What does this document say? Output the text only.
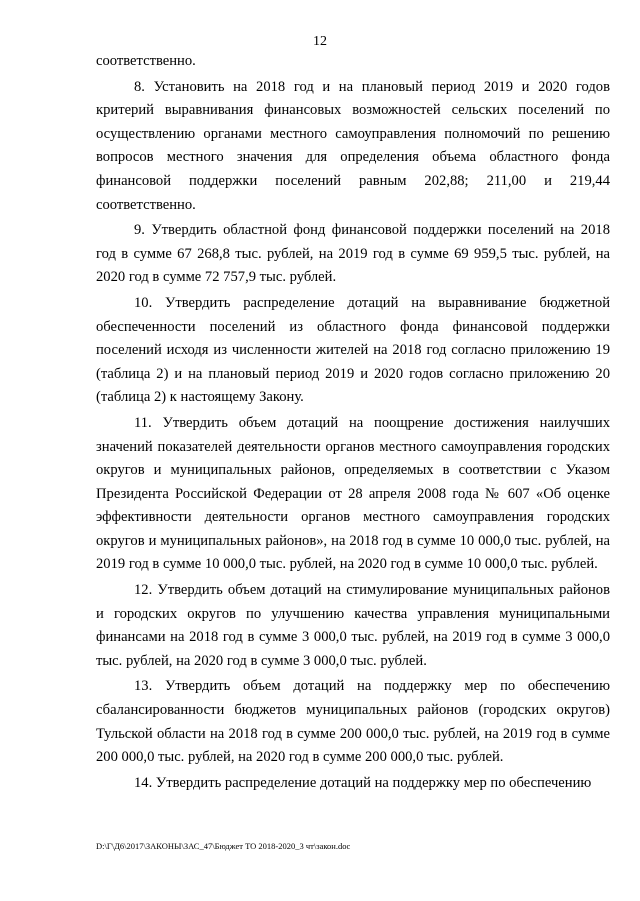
12

соответственно.

8. Установить на 2018 год и на плановый период 2019 и 2020 годов критерий выравнивания финансовых возможностей сельских поселений по осуществлению органами местного самоуправления полномочий по решению вопросов местного значения для определения объема областного фонда финансовой поддержки поселений равным 202,88; 211,00 и 219,44 соответственно.

9. Утвердить областной фонд финансовой поддержки поселений на 2018 год в сумме 67 268,8 тыс. рублей, на 2019 год в сумме 69 959,5 тыс. рублей, на 2020 год в сумме 72 757,9 тыс. рублей.

10. Утвердить распределение дотаций на выравнивание бюджетной обеспеченности поселений из областного фонда финансовой поддержки поселений исходя из численности жителей на 2018 год согласно приложению 19 (таблица 2) и на плановый период 2019 и 2020 годов согласно приложению 20 (таблица 2) к настоящему Закону.

11. Утвердить объем дотаций на поощрение достижения наилучших значений показателей деятельности органов местного самоуправления городских округов и муниципальных районов, определяемых в соответствии с Указом Президента Российской Федерации от 28 апреля 2008 года № 607 «Об оценке эффективности деятельности органов местного самоуправления городских округов и муниципальных районов», на 2018 год в сумме 10 000,0 тыс. рублей, на 2019 год в сумме 10 000,0 тыс. рублей, на 2020 год в сумме 10 000,0 тыс. рублей.

12. Утвердить объем дотаций на стимулирование муниципальных районов и городских округов по улучшению качества управления муниципальными финансами на 2018 год в сумме 3 000,0 тыс. рублей, на 2019 год в сумме 3 000,0 тыс. рублей, на 2020 год в сумме 3 000,0 тыс. рублей.

13. Утвердить объем дотаций на поддержку мер по обеспечению сбалансированности бюджетов муниципальных районов (городских округов) Тульской области на 2018 год в сумме 200 000,0 тыс. рублей, на 2019 год в сумме 200 000,0 тыс. рублей, на 2020 год в сумме 200 000,0 тыс. рублей.

14. Утвердить распределение дотаций на поддержку мер по обеспечению

D:\Г\Д6\2017\ЗАКОНЫ\ЗАС_47\Бюджет ТО 2018-2020_3 чт\закон.doc
